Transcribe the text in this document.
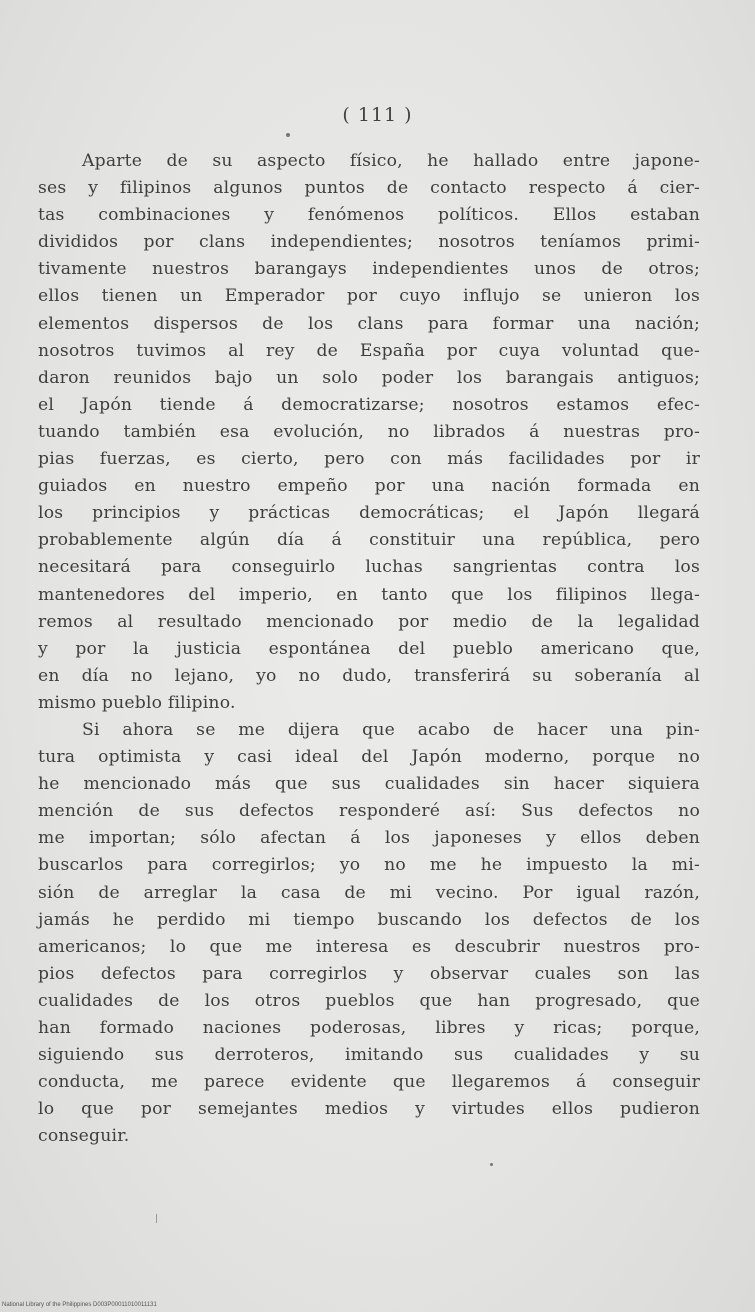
( 111 )
Aparte de su aspecto físico, he hallado entre japone-
ses y filipinos algunos puntos de contacto respecto á cier-
tas combinaciones y fenómenos políticos. Ellos estaban
divididos por clans independientes; nosotros teníamos primi-
tivamente nuestros barangays independientes unos de otros;
ellos tienen un Emperador por cuyo influjo se unieron los
elementos dispersos de los clans para formar una nación;
nosotros tuvimos al rey de España por cuya voluntad que-
daron reunidos bajo un solo poder los barangais antiguos;
el Japón tiende á democratizarse; nosotros estamos efec-
tuando también esa evolución, no librados á nuestras pro-
pias fuerzas, es cierto, pero con más facilidades por ir
guiados en nuestro empeño por una nación formada en
los principios y prácticas democráticas; el Japón llegará
probablemente algún día á constituir una república, pero
necesitará para conseguirlo luchas sangrientas contra los
mantenedores del imperio, en tanto que los filipinos llega-
remos al resultado mencionado por medio de la legalidad
y por la justicia espontánea del pueblo americano que,
en día no lejano, yo no dudo, transferirá su soberanía al
mismo pueblo filipino.
Si ahora se me dijera que acabo de hacer una pin-
tura optimista y casi ideal del Japón moderno, porque no
he mencionado más que sus cualidades sin hacer siquiera
mención de sus defectos responderé así: Sus defectos no
me importan; sólo afectan á los japoneses y ellos deben
buscarlos para corregirlos; yo no me he impuesto la mi-
sión de arreglar la casa de mi vecino. Por igual razón,
jamás he perdido mi tiempo buscando los defectos de los
americanos; lo que me interesa es descubrir nuestros pro-
pios defectos para corregirlos y observar cuales son las
cualidades de los otros pueblos que han progresado, que
han formado naciones poderosas, libres y ricas; porque,
siguiendo sus derroteros, imitando sus cualidades y su
conducta, me parece evidente que llegaremos á conseguir
lo que por semejantes medios y virtudes ellos pudieron
conseguir.
National Library of the Philippines D003P00011010011131
